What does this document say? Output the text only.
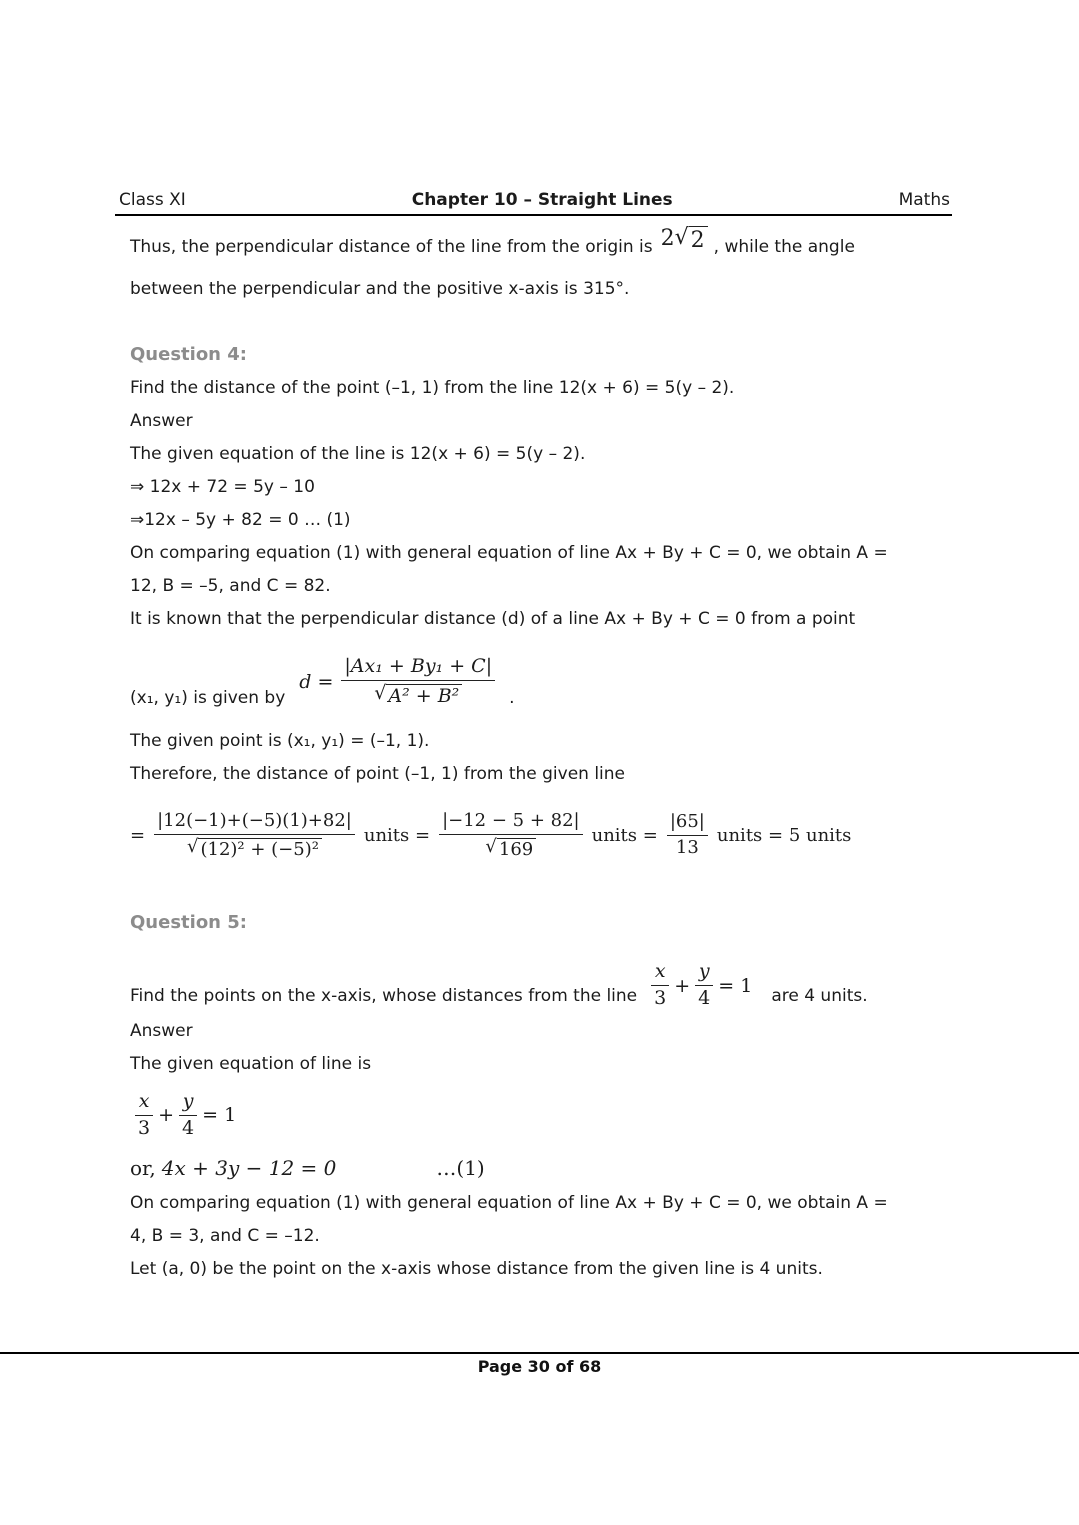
Class XI	Chapter 10 – Straight Lines	Maths
Thus, the perpendicular distance of the line from the origin is 2 √ 2 , while the angle
between the perpendicular and the positive x-axis is 315°.
Question 4:
Find the distance of the point (–1, 1) from the line 12(x + 6) = 5(y – 2).
Answer
The given equation of the line is 12(x + 6) = 5(y – 2).
⇒ 12x + 72 = 5y – 10
⇒12x – 5y + 82 = 0 … (1)
On comparing equation (1) with general equation of line Ax + By + C = 0, we obtain A =
12, B = –5, and C = 82.
It is known that the perpendicular distance (d) of a line Ax + By + C = 0 from a point
(x₁, y₁) is given by
$d = \frac{\text{|Ax₁ + By₁ + C|}}{\text{√ A² + B²}}$ .
The given point is (x₁, y₁) = (–1, 1).
Therefore, the distance of point (–1, 1) from the given line
= $\frac{|12(-1)+(-5)(1)+82|}{\text{√ (12)² + (−5)²}}$ units = $\frac{|-12 - 5 + 82|}{√ 169}$ units = $\frac{|65|}{13}$ units = 5 units
Question 5:
Find the points on the x-axis, whose distances from the line $\frac{x}{3} + \frac{y}{4} = 1$ are 4 units.
Answer
The given equation of line is
$\frac{x}{3} + \frac{y}{4} = 1$
or, 4x + 3y − 12 = 0	…(1)
On comparing equation (1) with general equation of line Ax + By + C = 0, we obtain A =
4, B = 3, and C = –12.
Let (a, 0) be the point on the x-axis whose distance from the given line is 4 units.
Page 30 of 68
